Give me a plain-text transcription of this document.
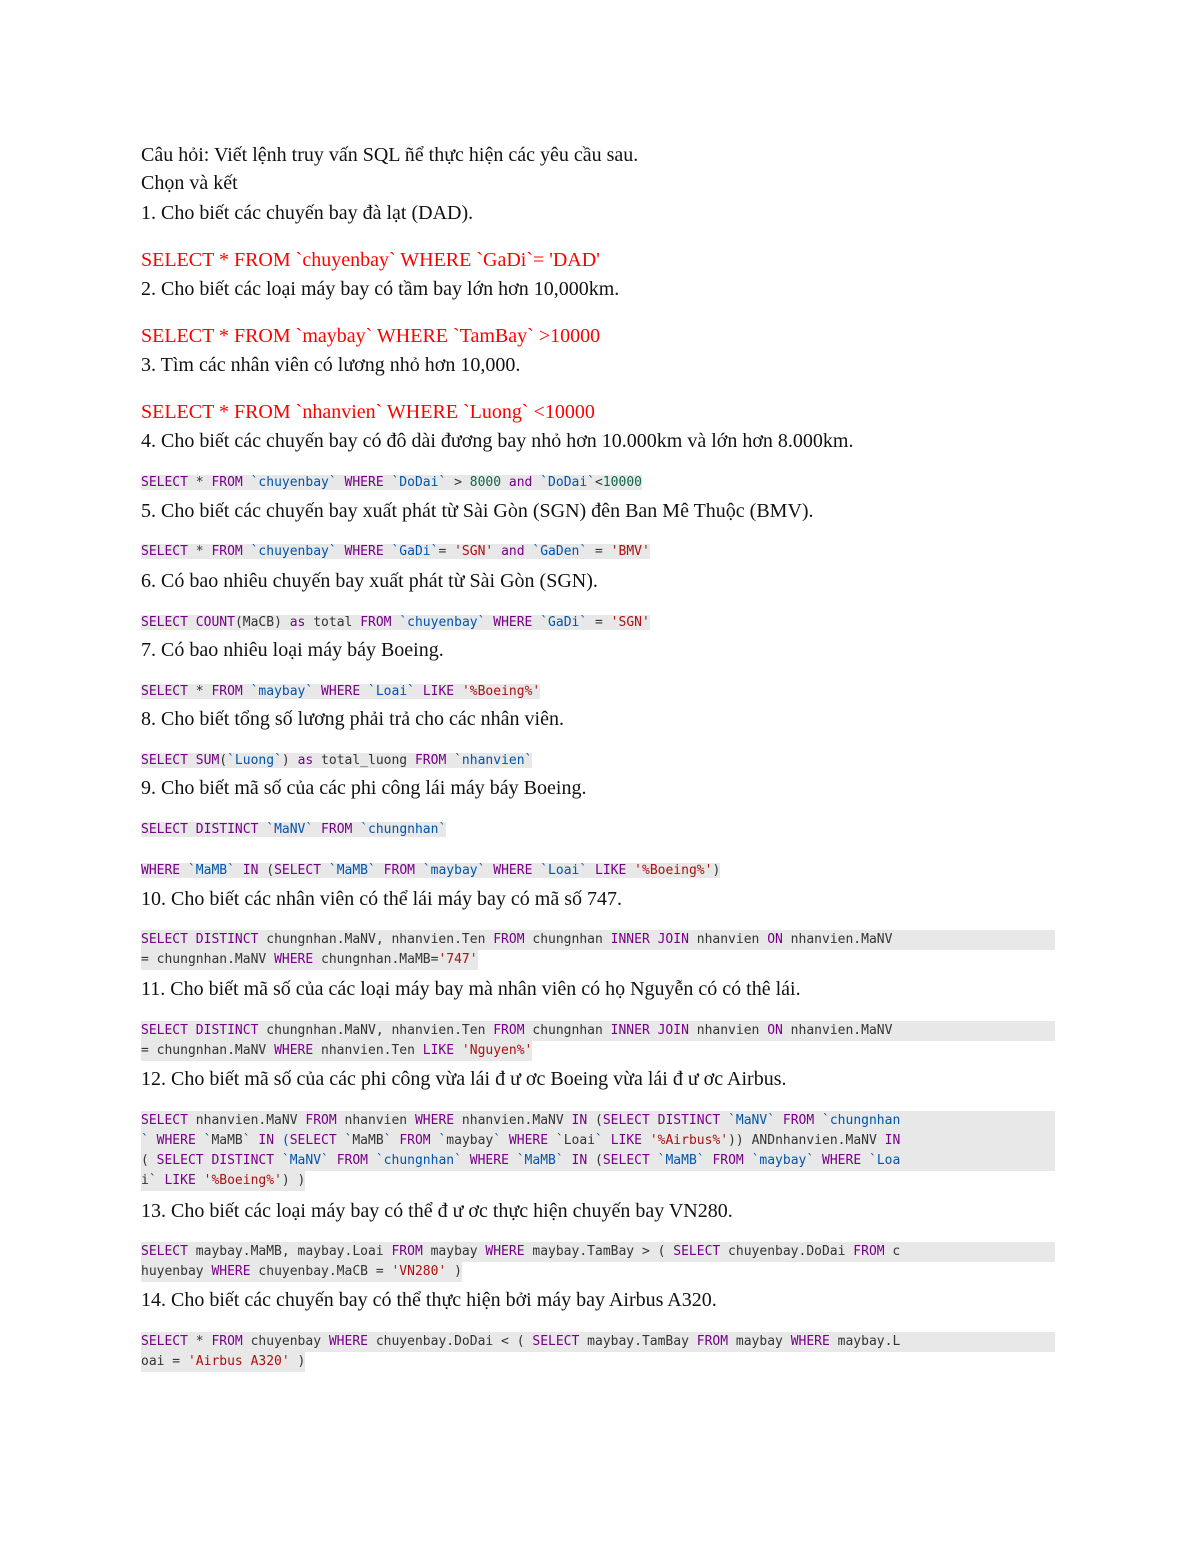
Câu hỏi: Viết lệnh truy vấn SQL ñể thực hiện các yêu cầu sau.
Chọn và kết
1. Cho biết các chuyến bay đà lạt (DAD).
SELECT * FROM `chuyenbay` WHERE `GaDi`= 'DAD'
2. Cho biết các loại máy bay có tầm bay lớn hơn 10,000km.
SELECT * FROM `maybay` WHERE `TamBay` >10000
3. Tìm các nhân viên có lương nhỏ hơn 10,000.
SELECT * FROM `nhanvien` WHERE `Luong` <10000
4. Cho biết các chuyến bay có đô dài đương bay nhỏ hơn 10.000km và lớn hơn 8.000km.
SELECT * FROM `chuyenbay` WHERE `DoDai` > 8000 and `DoDai`<10000
5. Cho biết các chuyến bay xuất phát từ Sài Gòn (SGN) đên Ban Mê Thuộc (BMV).
SELECT * FROM `chuyenbay` WHERE `GaDi`= 'SGN' and `GaDen` = 'BMV'
6. Có bao nhiêu chuyến bay xuất phát từ Sài Gòn (SGN).
SELECT COUNT(MaCB) as total FROM `chuyenbay` WHERE `GaDi` = 'SGN'
7. Có bao nhiêu loại máy báy Boeing.
SELECT * FROM `maybay` WHERE `Loai` LIKE '%Boeing%'
8. Cho biết tổng số lương phải trả cho các nhân viên.
SELECT SUM(`Luong`) as total_luong FROM `nhanvien`
9. Cho biết mã số của các phi công lái máy báy Boeing.
SELECT DISTINCT `MaNV` FROM `chungnhan`
WHERE `MaMB` IN (SELECT `MaMB` FROM `maybay` WHERE `Loai` LIKE '%Boeing%')
10. Cho biết các nhân viên có thể lái máy bay có mã số 747.
SELECT DISTINCT chungnhan.MaNV, nhanvien.Ten FROM chungnhan INNER JOIN nhanvien ON nhanvien.MaNV
= chungnhan.MaNV WHERE chungnhan.MaMB='747'
11. Cho biết mã số của các loại máy bay mà nhân viên có họ Nguyễn có có thê lái.
SELECT DISTINCT chungnhan.MaNV, nhanvien.Ten FROM chungnhan INNER JOIN nhanvien ON nhanvien.MaNV
= chungnhan.MaNV WHERE nhanvien.Ten LIKE 'Nguyen%'
12. Cho biết mã số của các phi công vừa lái đ ư ơc Boeing vừa lái đ ư ơc Airbus.
SELECT nhanvien.MaNV FROM nhanvien WHERE nhanvien.MaNV IN (SELECT DISTINCT `MaNV` FROM `chungnhan
` WHERE `MaMB` IN (SELECT `MaMB` FROM `maybay` WHERE `Loai` LIKE '%Airbus%')) ANDnhanvien.MaNV IN
( SELECT DISTINCT `MaNV` FROM `chungnhan` WHERE `MaMB` IN (SELECT `MaMB` FROM `maybay` WHERE `Loa
i` LIKE '%Boeing%') )
13. Cho biết các loại máy bay có thể đ ư ơc thực hiện chuyến bay VN280.
SELECT maybay.MaMB, maybay.Loai FROM maybay WHERE maybay.TamBay > ( SELECT chuyenbay.DoDai FROM c
huyenbay WHERE chuyenbay.MaCB = 'VN280' )
14. Cho biết các chuyến bay có thể thực hiện bởi máy bay Airbus A320.
SELECT * FROM chuyenbay WHERE chuyenbay.DoDai < ( SELECT maybay.TamBay FROM maybay WHERE maybay.L
oai = 'Airbus A320' )
